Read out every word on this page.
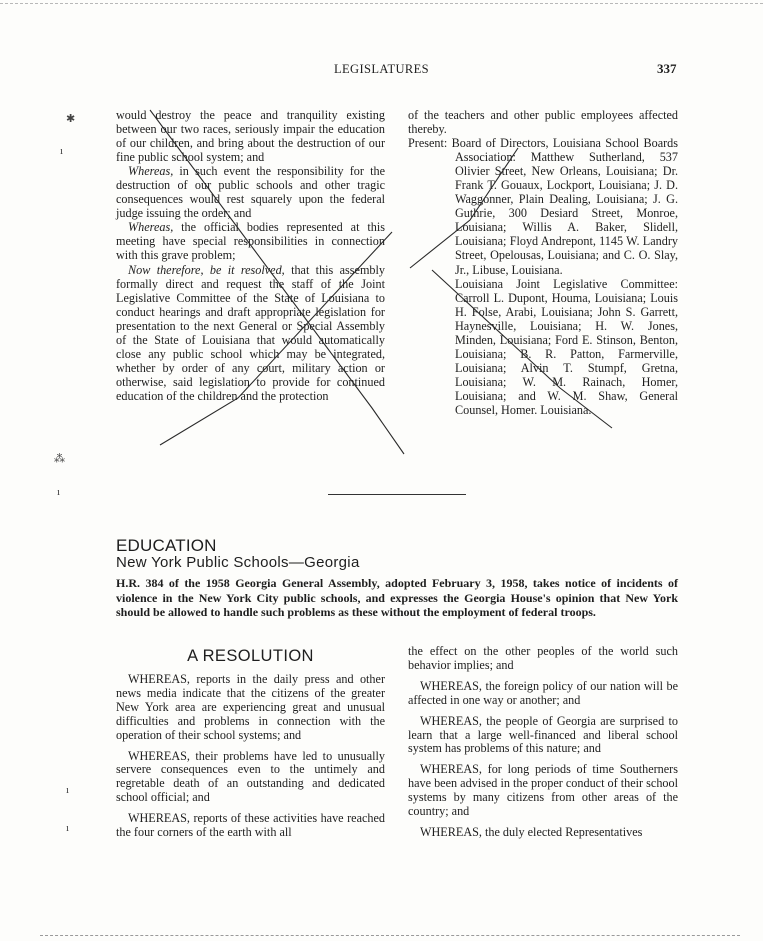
LEGISLATURES	337

would destroy the peace and tranquility existing between our two races, seriously impair the education of our children, and bring about the destruction of our fine public school system; and

Whereas, in such event the responsibility for the destruction of our public schools and other tragic consequences would rest squarely upon the federal judge issuing the order; and

Whereas, the official bodies represented at this meeting have special responsibilities in connection with this grave problem;

Now therefore, be it resolved, that this assembly formally direct and request the staff of the Joint Legislative Committee of the State of Louisiana to conduct hearings and draft appropriate legislation for presentation to the next General or Special Assembly of the State of Louisiana that would automatically close any public school which may be integrated, whether by order of any court, military action or otherwise, said legislation to provide for continued education of the children and the protection

of the teachers and other public employees affected thereby.

Present: Board of Directors, Louisiana School Boards Association: Matthew Sutherland, 537 Olivier Street, New Orleans, Louisiana; Dr. Frank T. Gouaux, Lockport, Louisiana; J. D. Waggonner, Plain Dealing, Louisiana; J. G. Guthrie, 300 Desiard Street, Monroe, Louisiana; Willis A. Baker, Slidell, Louisiana; Floyd Andrepont, 1145 W. Landry Street, Opelousas, Louisiana; and C. O. Slay, Jr., Libuse, Louisiana.

Louisiana Joint Legislative Committee: Carroll L. Dupont, Houma, Louisiana; Louis H. Folse, Arabi, Louisiana; John S. Garrett, Haynesville, Louisiana; H. W. Jones, Minden, Louisiana; Ford E. Stinson, Benton, Louisiana; B. R. Patton, Farmerville, Louisiana; Alvin T. Stumpf, Gretna, Louisiana; W. M. Rainach, Homer, Louisiana; and W. M. Shaw, General Counsel, Homer. Louisiana.

EDUCATION
New York Public Schools—Georgia
H.R. 384 of the 1958 Georgia General Assembly, adopted February 3, 1958, takes notice of incidents of violence in the New York City public schools, and expresses the Georgia House's opinion that New York should be allowed to handle such problems as these without the employment of federal troops.
A RESOLUTION

WHEREAS, reports in the daily press and other news media indicate that the citizens of the greater New York area are experiencing great and unusual difficulties and problems in connection with the operation of their school systems; and

WHEREAS, their problems have led to unusually servere consequences even to the untimely and regretable death of an outstanding and dedicated school official; and

WHEREAS, reports of these activities have reached the four corners of the earth with all

the effect on the other peoples of the world such behavior implies; and

WHEREAS, the foreign policy of our nation will be affected in one way or another; and

WHEREAS, the people of Georgia are surprised to learn that a large well-financed and liberal school system has problems of this nature; and

WHEREAS, for long periods of time Southerners have been advised in the proper conduct of their school systems by many citizens from other areas of the country; and

WHEREAS, the duly elected Representatives

✱
ı
⁂
ı
ı
ı
